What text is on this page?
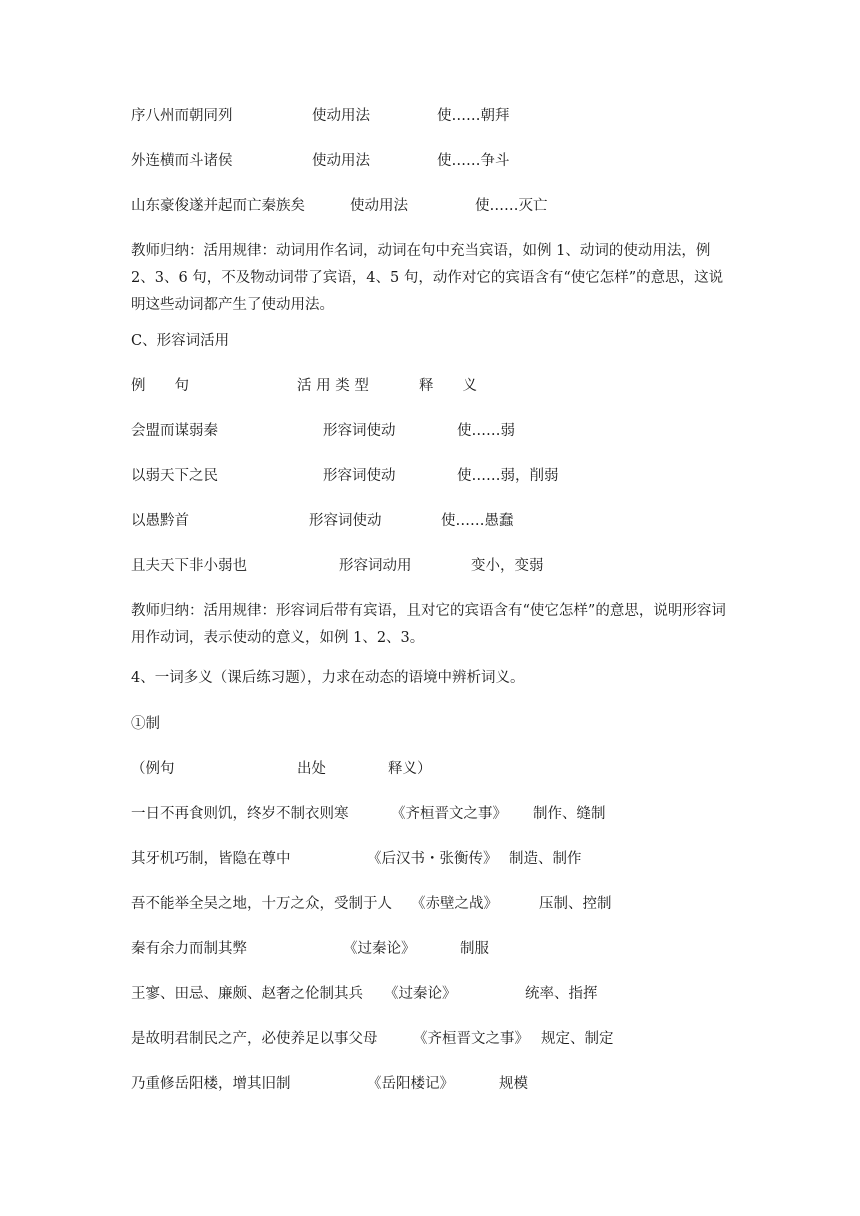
序八州而朝同列	使动用法	使……朝拜
外连横而斗诸侯	使动用法	使……争斗
山东豪俊遂并起而亡秦族矣	使动用法	使……灭亡
教师归纳：活用规律：动词用作名词，动词在句中充当宾语，如例 1、动词的使动用法，例 2、3、6 句，不及物动词带了宾语，4、5 句，动作对它的宾语含有“使它怎样”的意思，这说明这些动词都产生了使动用法。
C、形容词活用
例　　句	活 用 类 型	释　　义
会盟而谋弱秦	形容词使动	使……弱
以弱天下之民	形容词使动	使……弱，削弱
以愚黔首	形容词使动	使……愚蠢
且夫天下非小弱也	形容词动用	变小，变弱
教师归纳：活用规律：形容词后带有宾语，且对它的宾语含有“使它怎样”的意思，说明形容词用作动词，表示使动的意义，如例 1、2、3。
4、一词多义（课后练习题），力求在动态的语境中辨析词义。
①制
（例句	出处	释义）
一日不再食则饥，终岁不制衣则寒	《齐桓晋文之事》 制作、缝制
其牙机巧制，皆隐在尊中	《后汉书・张衡传》 制造、制作
吾不能举全吴之地，十万之众，受制于人 《赤壁之战》	压制、控制
秦有余力而制其弊	《过秦论》	制服
王寥、田忌、廉颇、赵奢之伦制其兵 《过秦论》	统率、指挥
是故明君制民之产，必使养足以事父母 《齐桓晋文之事》 规定、制定
乃重修岳阳楼，增其旧制	《岳阳楼记》	规模
